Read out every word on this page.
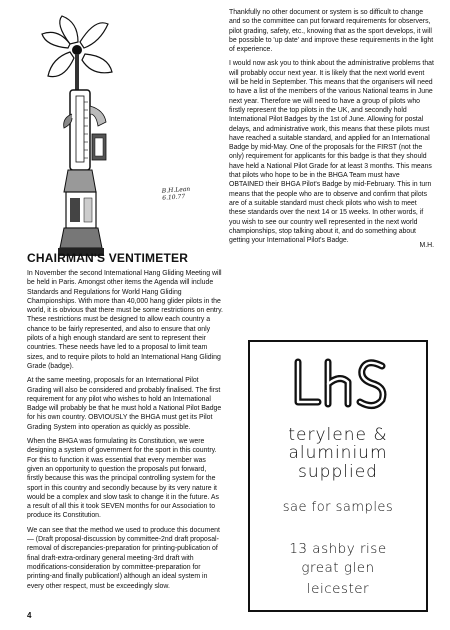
B.H.Lean
6.10.77
CHAIRMAN'S VENTIMETER

In November the second International Hang Gliding Meeting will be held in Paris. Amongst other items the Agenda will include Standards and Regulations for World Hang Gliding Championships. With more than 40,000 hang glider pilots in the world, it is obvious that there must be some restrictions on entry. These restrictions must be designed to allow each country a chance to be fairly represented, and also to ensure that only pilots of a high enough standard are sent to represent their countries. These needs have led to a proposal to limit team sizes, and to require pilots to hold an International Hang Gliding Grade (badge).

At the same meeting, proposals for an International Pilot Grading will also be considered and probably finalised. The first requirement for any pilot who wishes to hold an International Badge will probably be that he must hold a National Pilot Badge for his own country. OBVIOUSLY the BHGA must get its Pilot Grading System into operation as quickly as possible.

When the BHGA was formulating its Constitution, we were designing a system of government for the sport in this country. For this to function it was essential that every member was given an opportunity to question the proposals put forward, firstly because this was the principal controlling system for the sport in this country and secondly because by its very nature it would be a complex and slow task to change it in the future. As a result of all this it took SEVEN months for our Association to produce its Constitution.

We can see that the method we used to produce this document — (Draft proposal-discussion by committee-2nd draft proposal-removal of discrepancies-preparation for printing-publication of final draft-extra-ordinary general meeting-3rd draft with modifications-consideration by committee-preparation for printing-and finally publication!) although an ideal system in every other respect, must be exceedingly slow.

Thankfully no other document or system is so difficult to change and so the committee can put forward requirements for observers, pilot grading, safety, etc., knowing that as the sport develops, it will be possible to 'up date' and improve these requirements in the light of experience.

I would now ask you to think about the administrative problems that will probably occur next year. It is likely that the next world event will be held in September. This means that the organisers will need to have a list of the members of the various National teams in June next year. Therefore we will need to have a group of pilots who firstly represent the top pilots in the UK, and secondly hold International Pilot Badges by the 1st of June. Allowing for postal delays, and administrative work, this means that these pilots must have reached a suitable standard, and applied for an International Badge by mid-May. One of the proposals for the FIRST (not the only) requirement for applicants for this badge is that they should have held a National Pilot Grade for at least 3 months. This means that pilots who hope to be in the BHGA Team must have OBTAINED their BHGA Pilot's Badge by mid-February. This in turn means that the people who are to observe and confirm that pilots are of a suitable standard must check pilots who wish to meet these standards over the next 14 or 15 weeks. In other words, if you wish to see our country well represented in the next world championships, stop talking about it, and do something about getting your International Pilot's Badge.

M.H.
terylene &
aluminium
supplied
sae for samples
13 ashby rise
great glen
leicester
4
